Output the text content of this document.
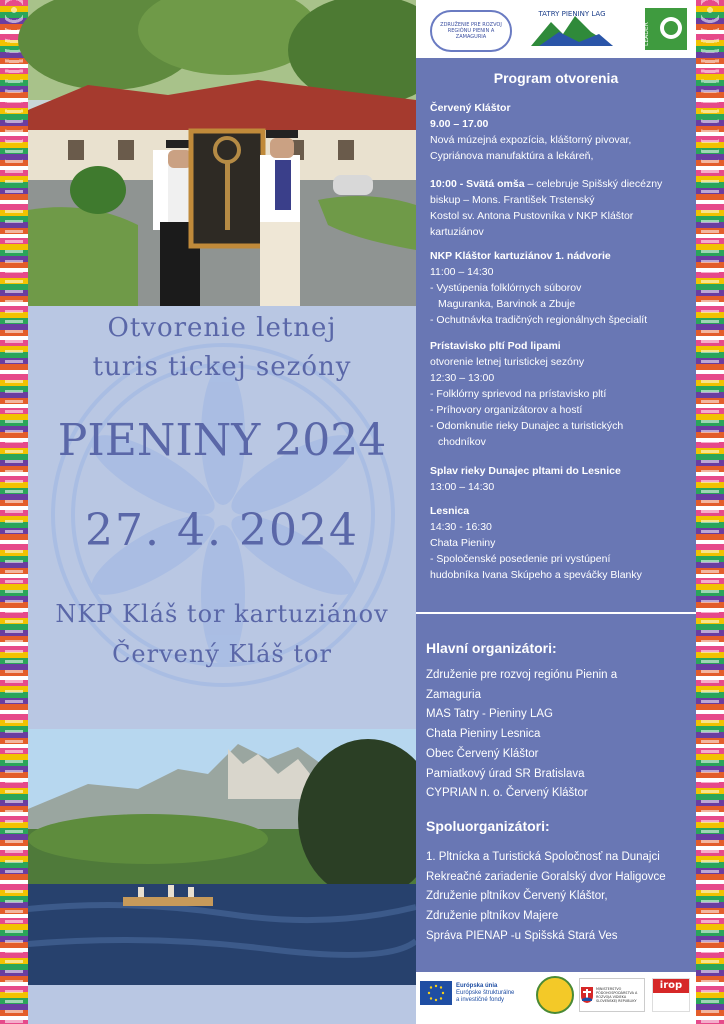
Otvorenie letnej
turis tickej sezóny
PIENINY 2024
27. 4. 2024
NKP Kláš tor kartuziánov
Červený Kláš tor
ZDRUŽENIE PRE ROZVOJ REGIÓNU PIENIN A ZAMAGURIA
TATRY PIENINY LAG
LEADER
Program otvorenia
Červený Kláštor
9.00 – 17.00
Nová múzejná expozícia, kláštorný pivovar,
Cypriánova manufaktúra a lekáreň,
10:00 - Svätá omša – celebruje Spišský diecézny
biskup – Mons. František Trstenský
Kostol sv. Antona Pustovníka v NKP Kláštor
kartuziánov
NKP Kláštor kartuziánov 1. nádvorie
11:00 – 14:30
- Vystúpenia folklórnych súborov
Maguranka, Barvinok a Zbuje
- Ochutnávka tradičných regionálnych špecialít
Prístavisko pltí Pod lipami
otvorenie letnej turistickej sezóny
12:30 – 13:00
- Folklórny sprievod na prístavisko pltí
- Príhovory organizátorov a hostí
- Odomknutie rieky Dunajec a turistických
chodníkov
Splav rieky Dunajec pltami do Lesnice
13:00 – 14:30
Lesnica
14:30 - 16:30
Chata Pieniny
- Spoločenské posedenie pri vystúpení
hudobníka Ivana Skúpeho a speváčky Blanky
Hlavní organizátori:
Združenie pre rozvoj regiónu Pienin a
Zamaguria
MAS Tatry - Pieniny LAG
Chata Pieniny Lesnica
Obec Červený Kláštor
Pamiatkový úrad SR Bratislava
CYPRIAN n. o. Červený Kláštor
Spoluorganizátori:
1. Pltnícka a Turistická Spoločnosť na Dunajci
Rekreačné zariadenie Goralský dvor Haligovce
Združenie pltníkov Červený Kláštor,
Združenie pltníkov Majere
Správa PIENAP -u Spišská Stará Ves
Európska únia
Európske štrukturálne
a investičné fondy
MINISTERSTVO PÔDOHOSPODÁRSTVA A ROZVOJA VIDIEKA SLOVENSKEJ REPUBLIKY
irop
